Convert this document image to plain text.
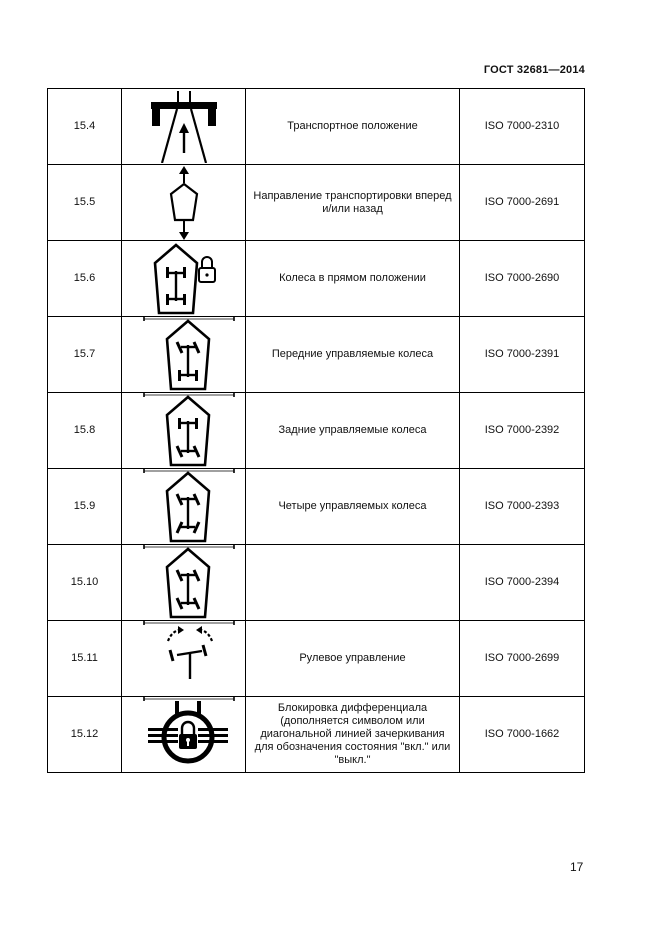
ГОСТ 32681—2014
15.4		Транспортное положение	ISO 7000-2310
15.5		Направление транспортировки вперед и/или назад	ISO 7000-2691
15.6		Колеса в прямом положении	ISO 7000-2690
15.7		Передние управляемые колеса	ISO 7000-2391
15.8		Задние управляемые колеса	ISO 7000-2392
15.9		Четыре управляемых колеса	ISO 7000-2393
15.10			ISO 7000-2394
15.11		Рулевое управление	ISO 7000-2699
15.12		Блокировка дифференциала (дополняется символом или диагональной линией зачеркивания для обозначения состояния "вкл." или "выкл."	ISO 7000-1662
17
